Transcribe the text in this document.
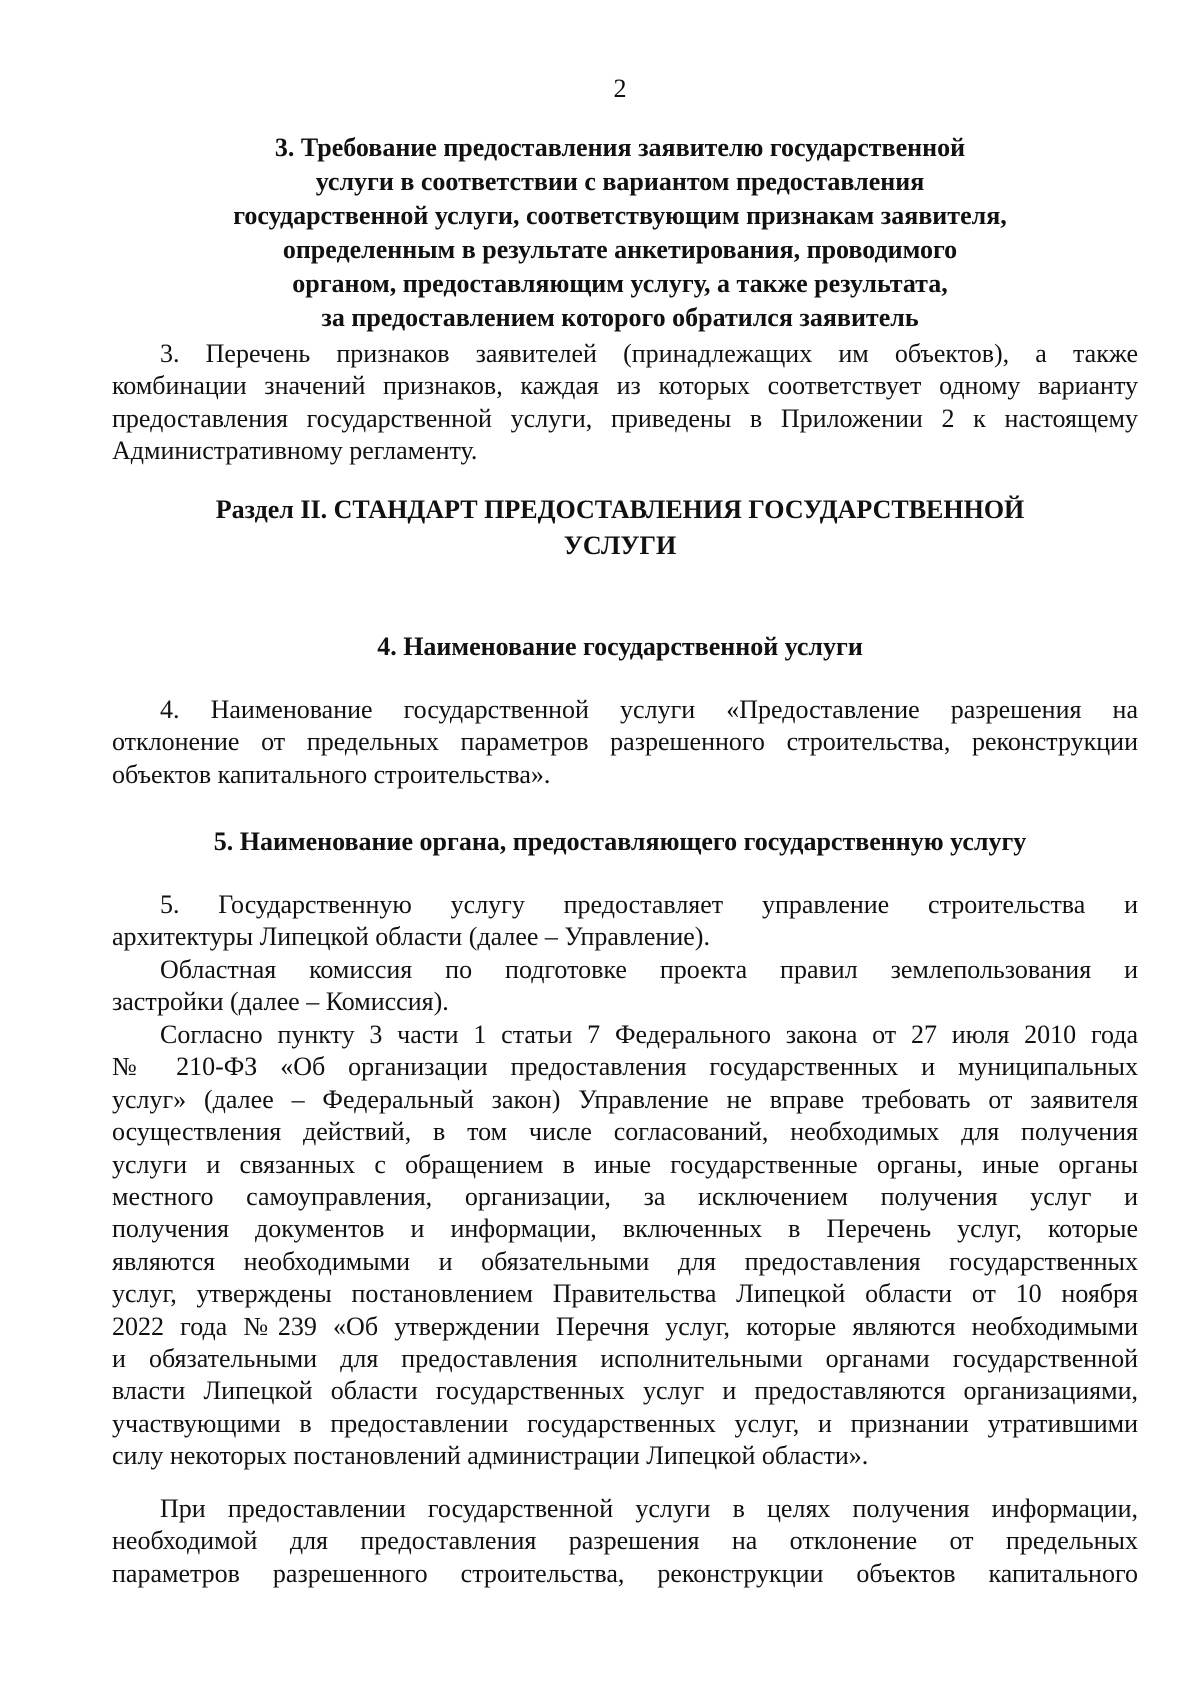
2
3. Требование предоставления заявителю государственной
услуги в соответствии с вариантом предоставления
государственной услуги, соответствующим признакам заявителя,
определенным в результате анкетирования, проводимого
органом, предоставляющим услугу, а также результата,
за предоставлением которого обратился заявитель
3. Перечень признаков заявителей (принадлежащих им объектов), а также
комбинации значений признаков, каждая из которых соответствует одному варианту
предоставления государственной услуги, приведены в Приложении 2 к настоящему
Административному регламенту.
Раздел II. СТАНДАРТ ПРЕДОСТАВЛЕНИЯ ГОСУДАРСТВЕННОЙ
УСЛУГИ
4. Наименование государственной услуги
4. Наименование государственной услуги «Предоставление разрешения на
отклонение от предельных параметров разрешенного строительства, реконструкции
объектов капитального строительства».
5. Наименование органа, предоставляющего государственную услугу
5. Государственную услугу предоставляет управление строительства и
архитектуры Липецкой области (далее – Управление).
Областная комиссия по подготовке проекта правил землепользования и
застройки (далее – Комиссия).
Согласно пункту 3 части 1 статьи 7 Федерального закона от 27 июля 2010 года
№ 210-ФЗ «Об организации предоставления государственных и муниципальных
услуг» (далее – Федеральный закон) Управление не вправе требовать от заявителя
осуществления действий, в том числе согласований, необходимых для получения
услуги и связанных с обращением в иные государственные органы, иные органы
местного самоуправления, организации, за исключением получения услуг и
получения документов и информации, включенных в Перечень услуг, которые
являются необходимыми и обязательными для предоставления государственных
услуг, утверждены постановлением Правительства Липецкой области от 10 ноября
2022 года №239 «Об утверждении Перечня услуг, которые являются необходимыми
и обязательными для предоставления исполнительными органами государственной
власти Липецкой области государственных услуг и предоставляются организациями,
участвующими в предоставлении государственных услуг, и признании утратившими
силу некоторых постановлений администрации Липецкой области».
При предоставлении государственной услуги в целях получения информации,
необходимой для предоставления разрешения на отклонение от предельных
параметров разрешенного строительства, реконструкции объектов капитального
